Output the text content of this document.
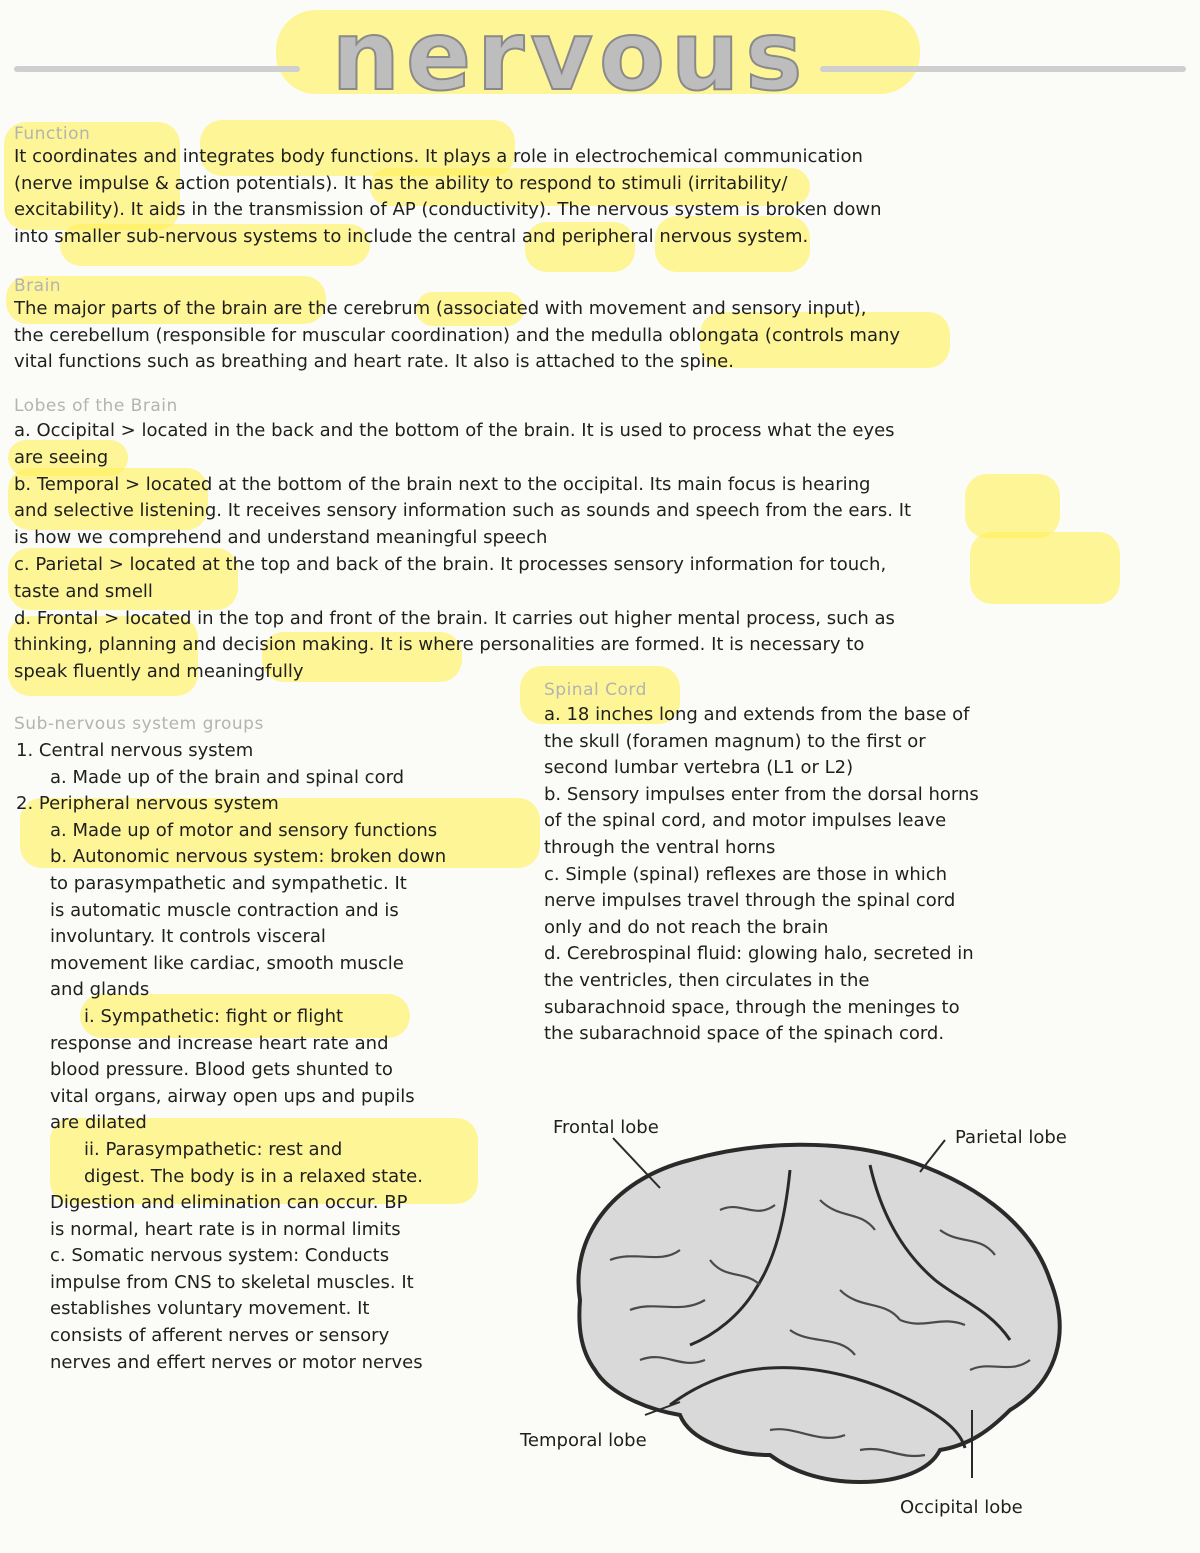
nervous
Function
It coordinates and integrates body functions. It plays a role in electrochemical communication
(nerve impulse & action potentials). It has the ability to respond to stimuli (irritability/
excitability). It aids in the transmission of AP (conductivity). The nervous system is broken down
into smaller sub-nervous systems to include the central and peripheral nervous system.
Brain
The major parts of the brain are the cerebrum (associated with movement and sensory input),
the cerebellum (responsible for muscular coordination) and the medulla oblongata (controls many
vital functions such as breathing and heart rate. It also is attached to the spine.
Lobes of the Brain
a. Occipital > located in the back and the bottom of the brain. It is used to process what the eyes
are seeing
b. Temporal > located at the bottom of the brain next to the occipital. Its main focus is hearing
and selective listening. It receives sensory information such as sounds and speech from the ears. It
is how we comprehend and understand meaningful speech
c. Parietal > located at the top and back of the brain. It processes sensory information for touch,
taste and smell
d. Frontal > located in the top and front of the brain. It carries out higher mental process, such as
thinking, planning and decision making. It is where personalities are formed. It is necessary to
speak fluently and meaningfully
Sub-nervous system groups
1. Central nervous system
a. Made up of the brain and spinal cord
2. Peripheral nervous system
a. Made up of motor and sensory functions
b. Autonomic nervous system: broken down
to parasympathetic and sympathetic. It
is automatic muscle contraction and is
involuntary. It controls visceral
movement like cardiac, smooth muscle
and glands
i. Sympathetic: fight or flight
response and increase heart rate and
blood pressure. Blood gets shunted to
vital organs, airway open ups and pupils
are dilated
ii. Parasympathetic: rest and
digest. The body is in a relaxed state.
Digestion and elimination can occur. BP
is normal, heart rate is in normal limits
c. Somatic nervous system: Conducts
impulse from CNS to skeletal muscles. It
establishes voluntary movement. It
consists of afferent nerves or sensory
nerves and effert nerves or motor nerves
Spinal Cord
a. 18 inches long and extends from the base of
the skull (foramen magnum) to the first or
second lumbar vertebra (L1 or L2)
b. Sensory impulses enter from the dorsal horns
of the spinal cord, and motor impulses leave
through the ventral horns
c. Simple (spinal) reflexes are those in which
nerve impulses travel through the spinal cord
only and do not reach the brain
d. Cerebrospinal fluid: glowing halo, secreted in
the ventricles, then circulates in the
subarachnoid space, through the meninges to
the subarachnoid space of the spinach cord.
Frontal lobe	Parietal lobe
Temporal lobe
Occipital lobe
